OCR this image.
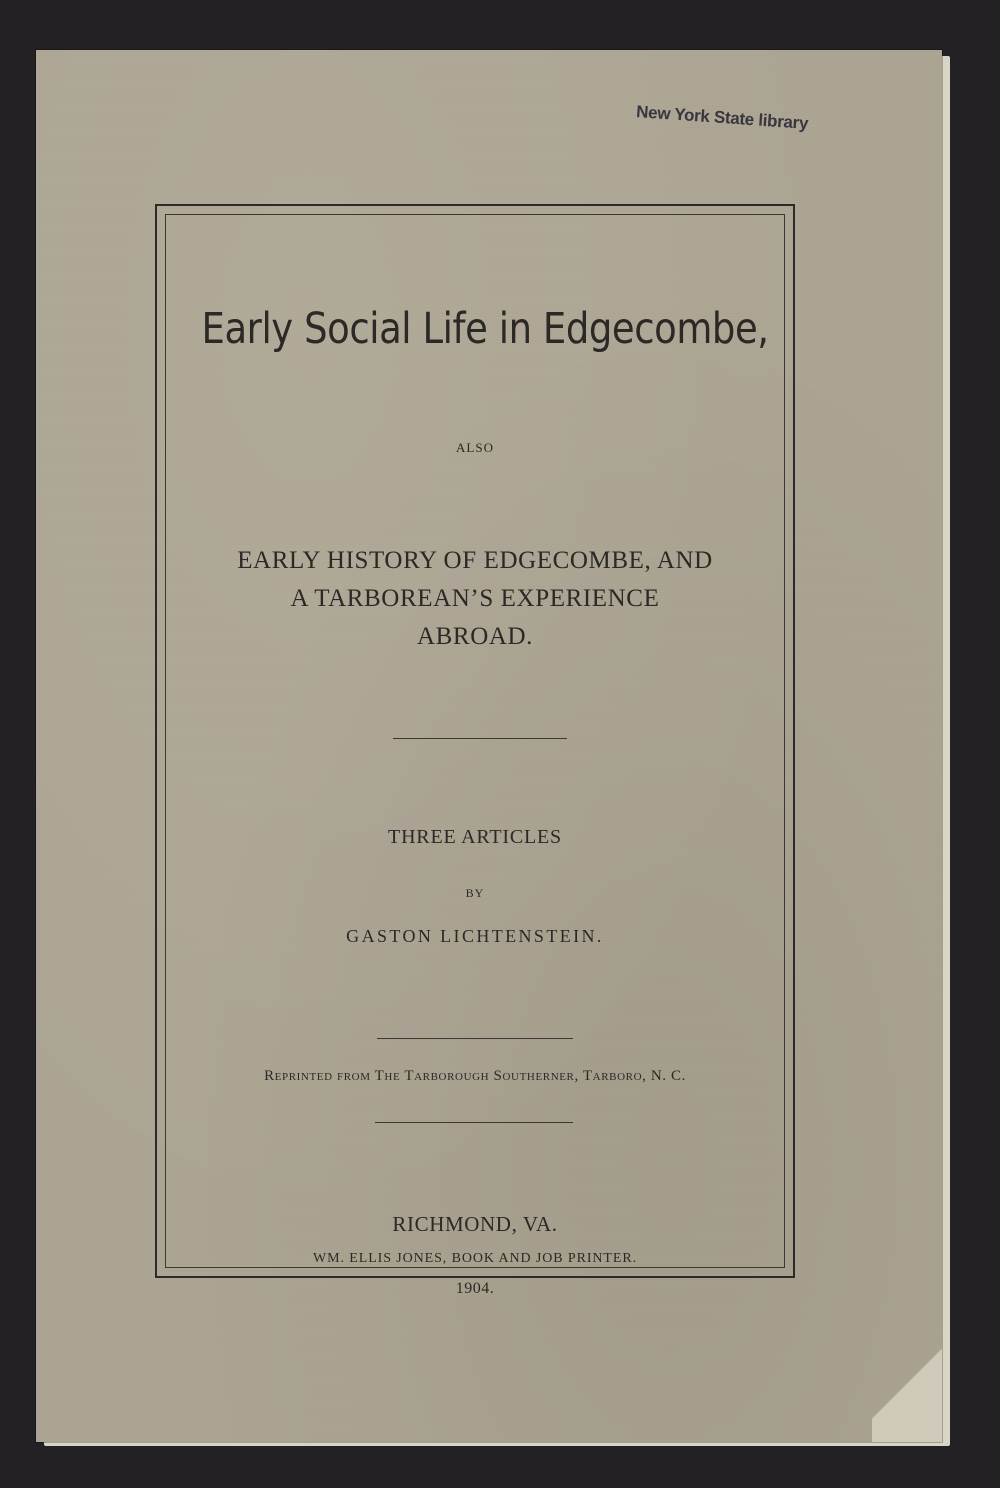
New York State library
Early Social Life in Edgecombe,
ALSO
EARLY HISTORY OF EDGECOMBE, AND
A TARBOREAN’S EXPERIENCE
ABROAD.
THREE ARTICLES
BY
GASTON LICHTENSTEIN.
Reprinted from The Tarborough Southerner, Tarboro, N. C.
RICHMOND, VA.
WM. ELLIS JONES, BOOK AND JOB PRINTER.
1904.
